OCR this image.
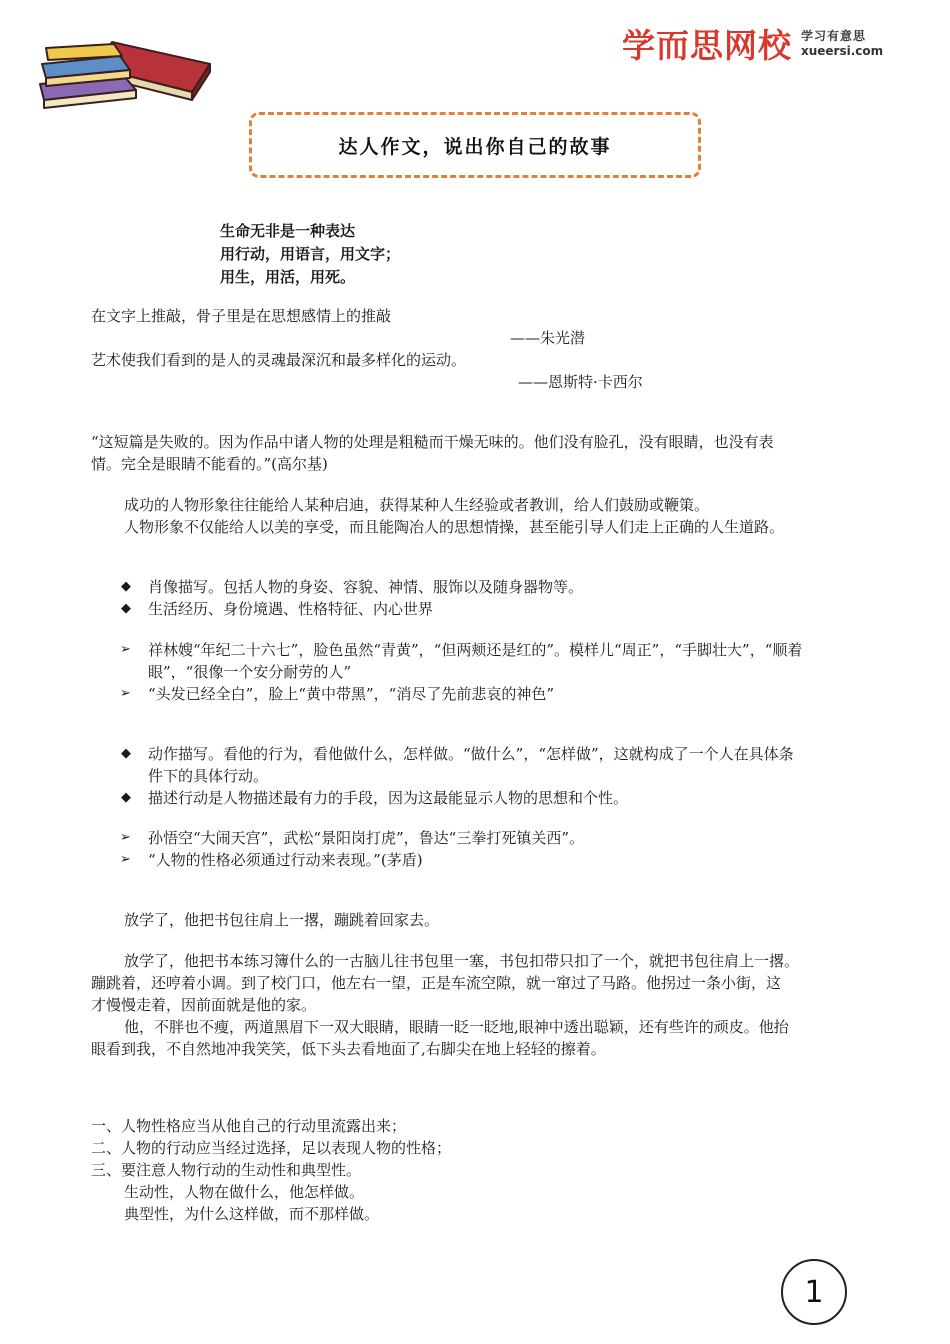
学而思网校 学习有意思
xueersi.com
达人作文，说出你自己的故事
生命无非是一种表达
用行动，用语言，用文字；
用生，用活，用死。
在文字上推敲，骨子里是在思想感情上的推敲
——朱光潜
艺术使我们看到的是人的灵魂最深沉和最多样化的运动。
——恩斯特·卡西尔
“这短篇是失败的。因为作品中诸人物的处理是粗糙而干燥无味的。他们没有脸孔，没有眼睛，也没有表
情。完全是眼睛不能看的。”(高尔基)
成功的人物形象往往能给人某种启迪，获得某种人生经验或者教训，给人们鼓励或鞭策。
人物形象不仅能给人以美的享受，而且能陶冶人的思想情操，甚至能引导人们走上正确的人生道路。
◆ 肖像描写。包括人物的身姿、容貌、神情、服饰以及随身器物等。
◆ 生活经历、身份境遇、性格特征、内心世界
➢ 祥林嫂“年纪二十六七”，脸色虽然“青黄”，“但两颊还是红的”。模样儿“周正”，“手脚壮大”，“顺着
眼”，“很像一个安分耐劳的人”
➢ “头发已经全白”，脸上“黄中带黑”，“消尽了先前悲哀的神色”
◆ 动作描写。看他的行为，看他做什么，怎样做。“做什么”，“怎样做”，这就构成了一个人在具体条
件下的具体行动。
◆ 描述行动是人物描述最有力的手段，因为这最能显示人物的思想和个性。
➢ 孙悟空“大闹天宫”，武松“景阳岗打虎”，鲁达“三拳打死镇关西”。
➢ “人物的性格必须通过行动来表现。”(茅盾)
放学了，他把书包往肩上一撂，蹦跳着回家去。
放学了，他把书本练习簿什么的一古脑儿往书包里一塞，书包扣带只扣了一个，就把书包往肩上一撂。
蹦跳着，还哼着小调。到了校门口，他左右一望，正是车流空隙，就一窜过了马路。他拐过一条小街，这
才慢慢走着，因前面就是他的家。
他，不胖也不瘦，两道黑眉下一双大眼睛，眼睛一眨一眨地,眼神中透出聪颖，还有些许的顽皮。他抬
眼看到我，不自然地冲我笑笑，低下头去看地面了,右脚尖在地上轻轻的擦着。
一、人物性格应当从他自己的行动里流露出来；
二、人物的行动应当经过选择，足以表现人物的性格；
三、要注意人物行动的生动性和典型性。
生动性，人物在做什么，他怎样做。
典型性，为什么这样做，而不那样做。
1
